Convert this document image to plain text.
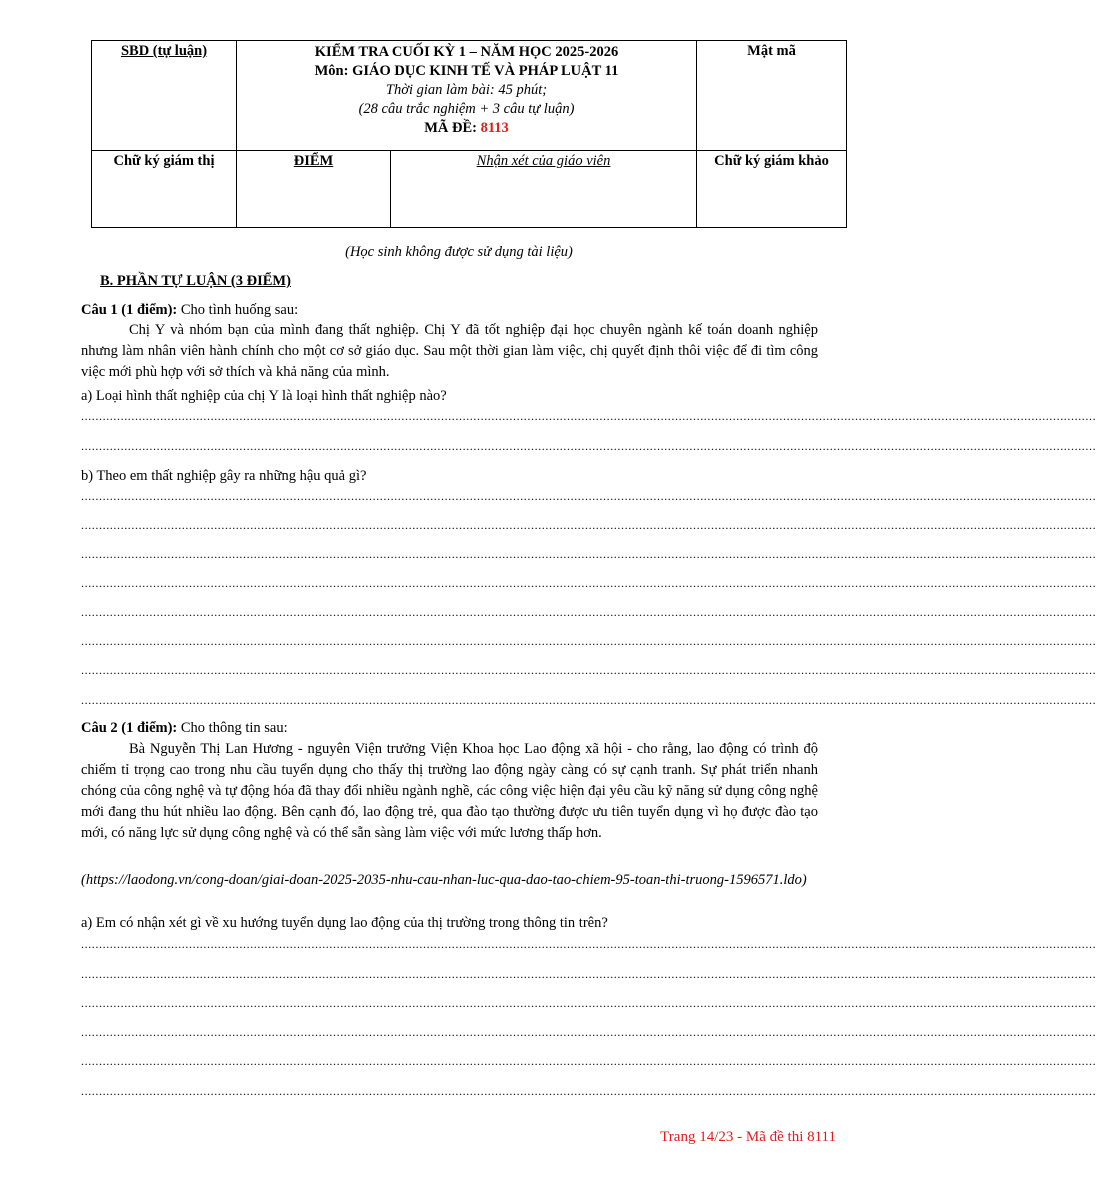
SBD (tự luận)	KIỂM TRA CUỐI KỲ 1 – NĂM HỌC 2025-2026
Môn: GIÁO DỤC KINH TẾ VÀ PHÁP LUẬT 11
Thời gian làm bài: 45 phút;
(28 câu trắc nghiệm + 3 câu tự luận)
MÃ ĐỀ: 8113		Mật mã
Chữ ký giám thị	ĐIỂM	Nhận xét của giáo viên	Chữ ký giám khảo
(Học sinh không được sử dụng tài liệu)
B. PHẦN TỰ LUẬN (3 ĐIỂM)
Câu 1 (1 điểm): Cho tình huống sau:
Chị Y và nhóm bạn của mình đang thất nghiệp. Chị Y đã tốt nghiệp đại học chuyên ngành kế toán doanh nghiệp nhưng làm nhân viên hành chính cho một cơ sở giáo dục. Sau một thời gian làm việc, chị quyết định thôi việc để đi tìm công việc mới phù hợp với sở thích và khả năng của mình.
a) Loại hình thất nghiệp của chị Y là loại hình thất nghiệp nào?
..........................................................................................................................................................................................................................................................................................
..........................................................................................................................................................................................................................................................................................
b) Theo em thất nghiệp gây ra những hậu quả gì?
..........................................................................................................................................................................................................................................................................................
..........................................................................................................................................................................................................................................................................................
..........................................................................................................................................................................................................................................................................................
..........................................................................................................................................................................................................................................................................................
..........................................................................................................................................................................................................................................................................................
..........................................................................................................................................................................................................................................................................................
..........................................................................................................................................................................................................................................................................................
..........................................................................................................................................................................................................................................................................................
Câu 2 (1 điểm): Cho thông tin sau:
Bà Nguyễn Thị Lan Hương - nguyên Viện trưởng Viện Khoa học Lao động xã hội - cho rằng, lao động có trình độ chiếm tỉ trọng cao trong nhu cầu tuyển dụng cho thấy thị trường lao động ngày càng có sự cạnh tranh. Sự phát triển nhanh chóng của công nghệ và tự động hóa đã thay đổi nhiều ngành nghề, các công việc hiện đại yêu cầu kỹ năng sử dụng công nghệ mới đang thu hút nhiều lao động. Bên cạnh đó, lao động trẻ, qua đào tạo thường được ưu tiên tuyển dụng vì họ được đào tạo mới, có năng lực sử dụng công nghệ và có thể sẵn sàng làm việc với mức lương thấp hơn.
(https://laodong.vn/cong-doan/giai-doan-2025-2035-nhu-cau-nhan-luc-qua-dao-tao-chiem-95-toan-thi-truong-1596571.ldo)
a) Em có nhận xét gì về xu hướng tuyển dụng lao động của thị trường trong thông tin trên?
..........................................................................................................................................................................................................................................................................................
..........................................................................................................................................................................................................................................................................................
..........................................................................................................................................................................................................................................................................................
..........................................................................................................................................................................................................................................................................................
..........................................................................................................................................................................................................................................................................................
..........................................................................................................................................................................................................................................................................................
Trang 14/23 - Mã đề thi 8111
